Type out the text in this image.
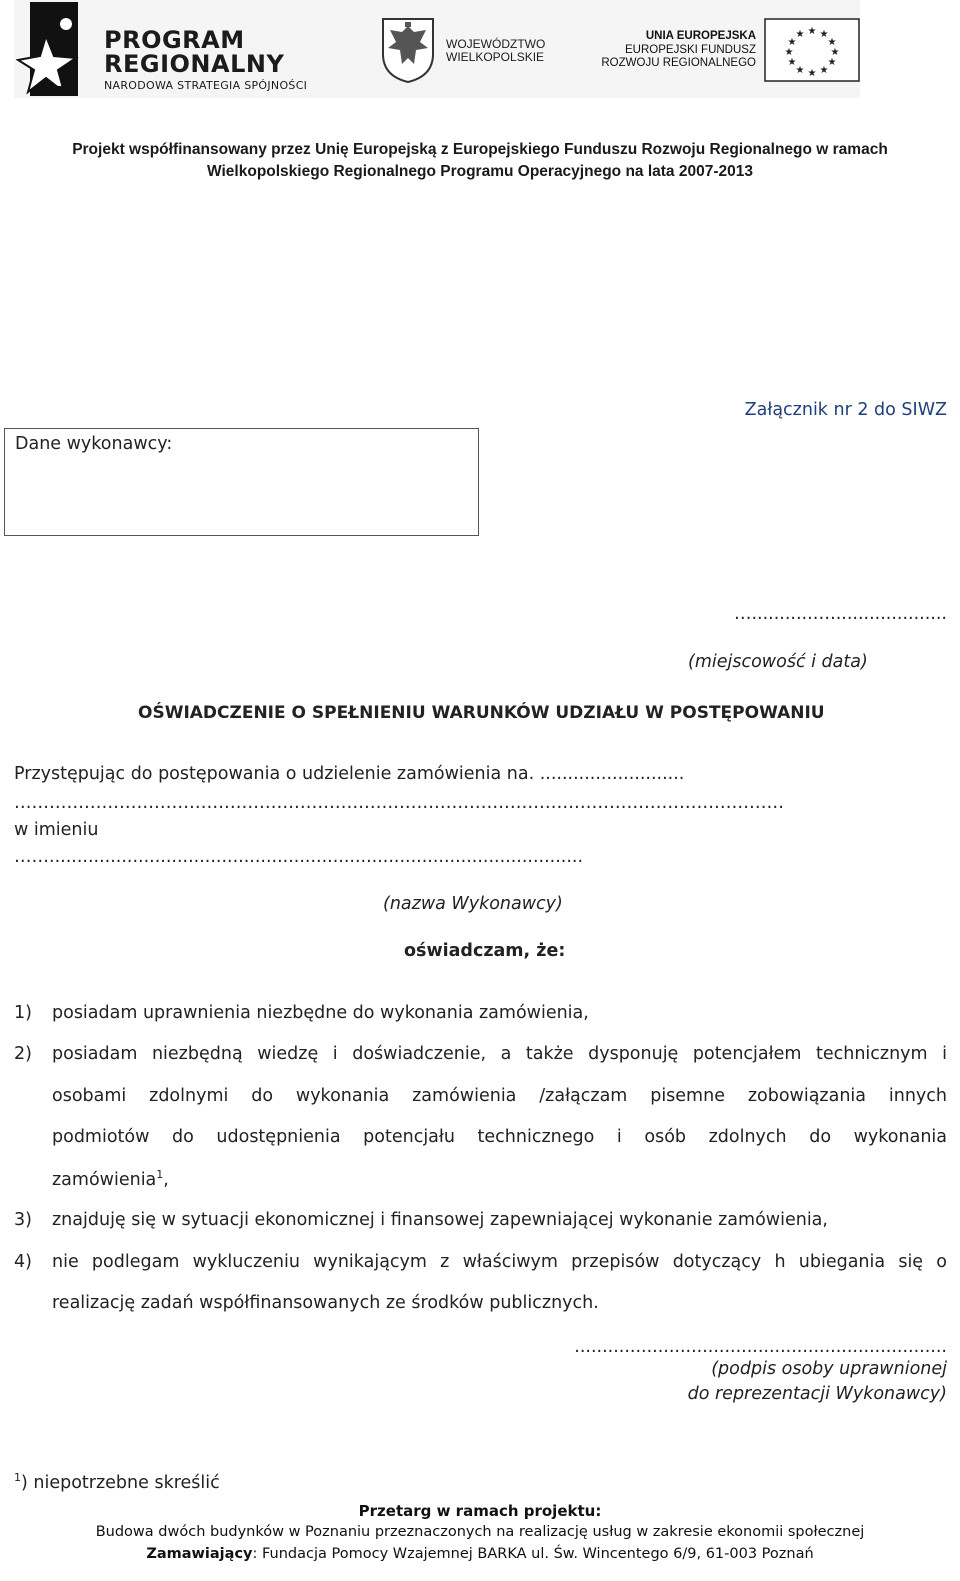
PROGRAM
REGIONALNY
NARODOWA STRATEGIA SPÓJNOŚCI
WOJEWÓDZTWO
WIELKOPOLSKIE
UNIA EUROPEJSKA
EUROPEJSKI FUNDUSZ
ROZWOJU REGIONALNEGO
★ ★
★
★
★
★
★
★
★
★
★
★
Projekt współfinansowany przez Unię Europejską z Europejskiego Funduszu Rozwoju Regionalnego w ramach
Wielkopolskiego Regionalnego Programu Operacyjnego na lata 2007-2013
Załącznik nr 2 do SIWZ
Dane wykonawcy:
…...........….....................
(miejscowość i data)
OŚWIADCZENIE O SPEŁNIENIU WARUNKÓW UDZIAŁU W POSTĘPOWANIU
Przystępując do postępowania o udzielenie zamówienia na. ..........................
……………………………………………………………………………………………………………………
w imieniu
……................................................................................................
(nazwa Wykonawcy)
oświadczam, że:
1) posiadam uprawnienia niezbędne do wykonania zamówienia,
2) posiadam niezbędną wiedzę i doświadczenie, a także dysponuję potencjałem technicznym i
osobami zdolnymi do wykonania zamówienia /załączam pisemne zobowiązania innych
podmiotów do udostępnienia potencjału technicznego i osób zdolnych do wykonania
zamówienia$^1$,
3) znajduję się w sytuacji ekonomicznej i finansowej zapewniającej wykonanie zamówienia,
4) nie podlegam wykluczeniu wynikającym z właściwym przepisów dotyczący h ubiegania się o
realizację zadań współfinansowanych ze środków publicznych.
...................................................................
(podpis osoby uprawnionej
do reprezentacji Wykonawcy)
$^1$) niepotrzebne skreślić
Przetarg w ramach projektu:
Budowa dwóch budynków w Poznaniu przeznaczonych na realizację usług w zakresie ekonomii społecznej
Zamawiający: Fundacja Pomocy Wzajemnej BARKA ul. Św. Wincentego 6/9, 61-003 Poznań
